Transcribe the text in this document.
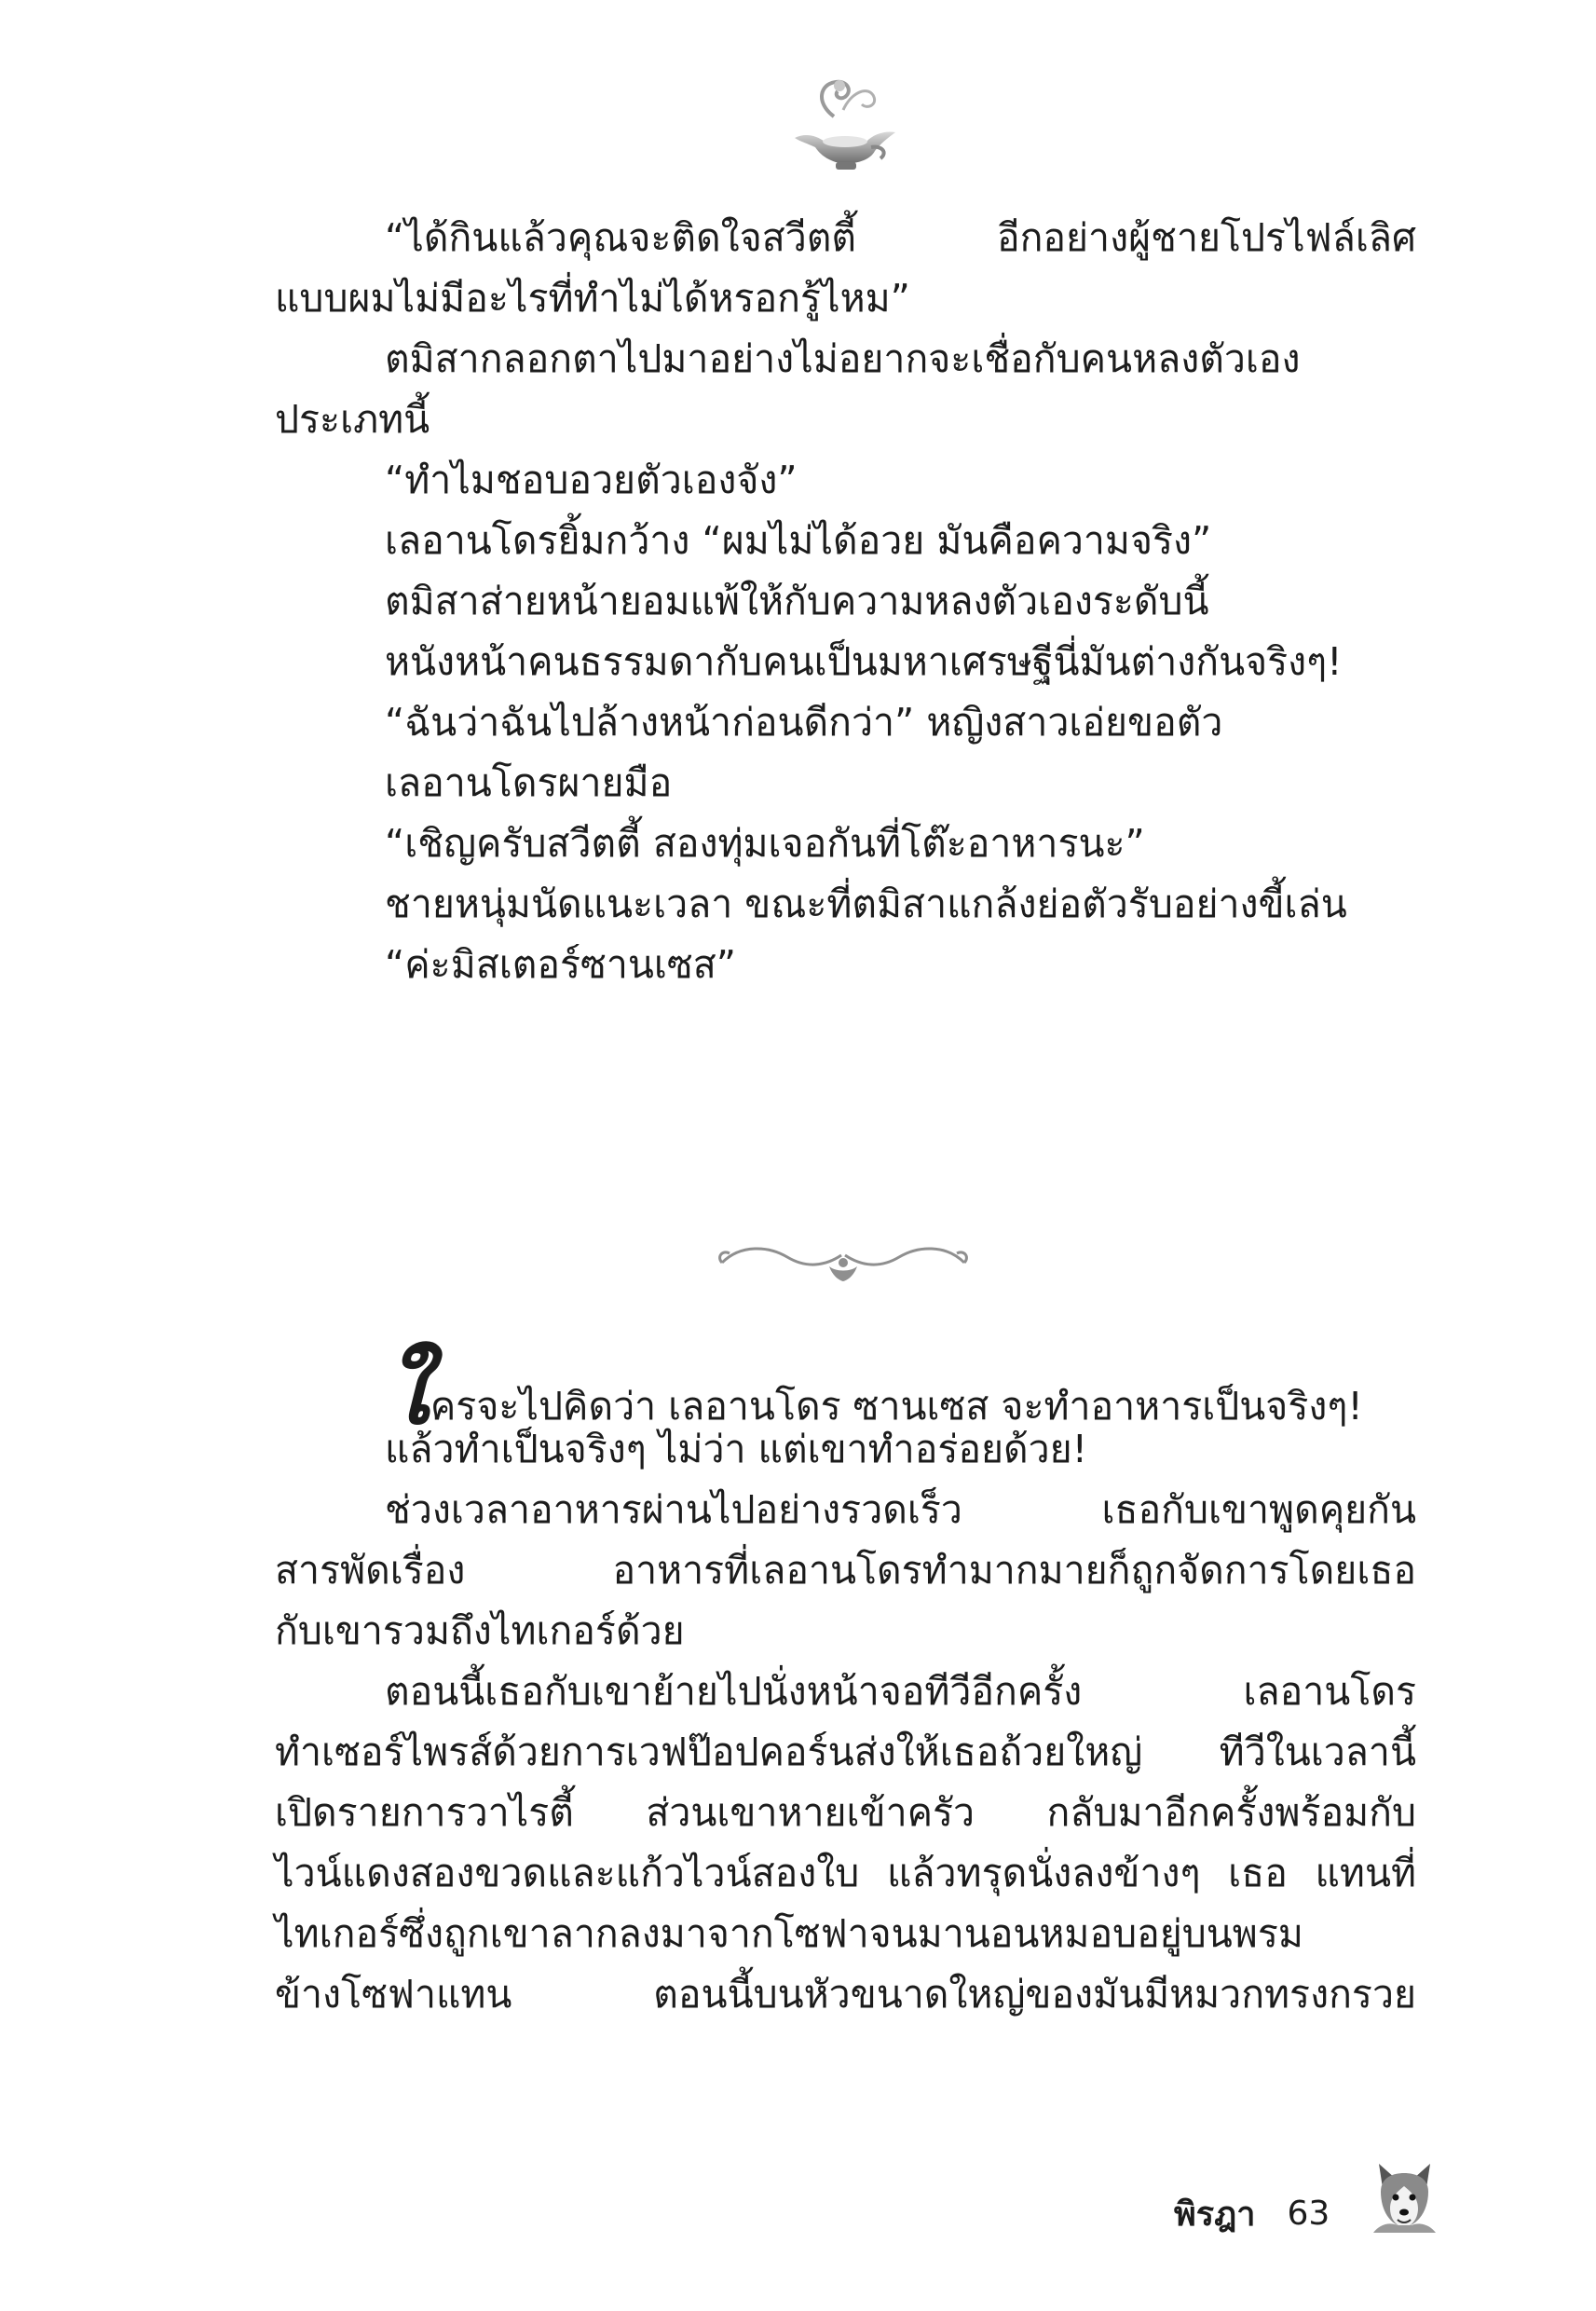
“ได้กินแล้วคุณจะติดใจสวีตตี้ อีกอย่างผู้ชายโปรไฟล์เลิศ
แบบผมไม่มีอะไรที่ทำไม่ได้หรอกรู้ไหม”
ตมิสากลอกตาไปมาอย่างไม่อยากจะเชื่อกับคนหลงตัวเอง
ประเภทนี้
“ทำไมชอบอวยตัวเองจัง”
เลอานโดรยิ้มกว้าง “ผมไม่ได้อวย มันคือความจริง”
ตมิสาส่ายหน้ายอมแพ้ให้กับความหลงตัวเองระดับนี้
หนังหน้าคนธรรมดากับคนเป็นมหาเศรษฐีนี่มันต่างกันจริงๆ!
“ฉันว่าฉันไปล้างหน้าก่อนดีกว่า” หญิงสาวเอ่ยขอตัว
เลอานโดรผายมือ
“เชิญครับสวีตตี้ สองทุ่มเจอกันที่โต๊ะอาหารนะ”
ชายหนุ่มนัดแนะเวลา ขณะที่ตมิสาแกล้งย่อตัวรับอย่างขี้เล่น
“ค่ะมิสเตอร์ซานเซส”
ใครจะไปคิดว่า เลอานโดร ซานเซส จะทำอาหารเป็นจริงๆ!
แล้วทำเป็นจริงๆ ไม่ว่า แต่เขาทำอร่อยด้วย!
ช่วงเวลาอาหารผ่านไปอย่างรวดเร็ว เธอกับเขาพูดคุยกัน
สารพัดเรื่อง อาหารที่เลอานโดรทำมากมายก็ถูกจัดการโดยเธอ
กับเขารวมถึงไทเกอร์ด้วย
ตอนนี้เธอกับเขาย้ายไปนั่งหน้าจอทีวีอีกครั้ง เลอานโดร
ทำเซอร์ไพรส์ด้วยการเวฟป๊อปคอร์นส่งให้เธอถ้วยใหญ่ ทีวีในเวลานี้
เปิดรายการวาไรตี้ ส่วนเขาหายเข้าครัว กลับมาอีกครั้งพร้อมกับ
ไวน์แดงสองขวดและแก้วไวน์สองใบ แล้วทรุดนั่งลงข้างๆ เธอ แทนที่
ไทเกอร์ซึ่งถูกเขาลากลงมาจากโซฟาจนมานอนหมอบอยู่บนพรม
ข้างโซฟาแทน ตอนนี้บนหัวขนาดใหญ่ของมันมีหมวกทรงกรวย
พิรฎา 63
